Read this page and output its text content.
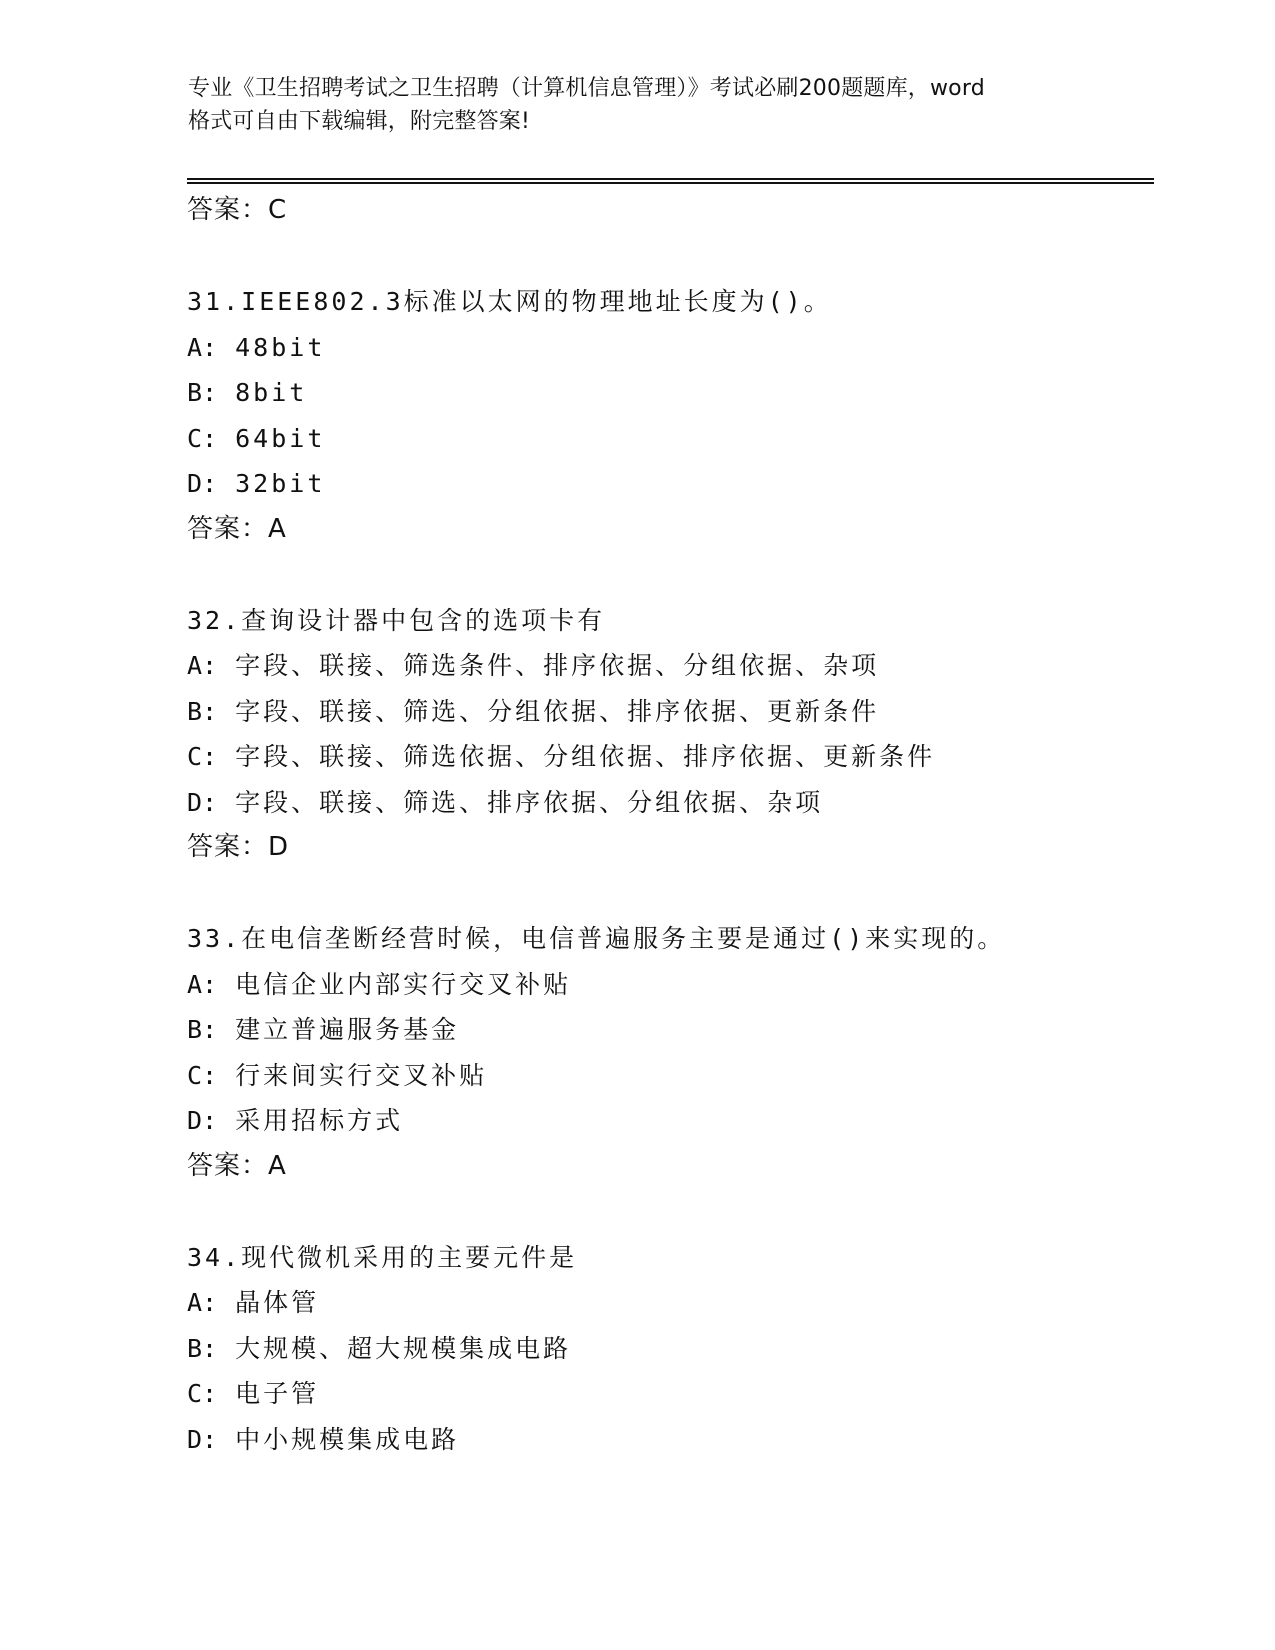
专业《卫生招聘考试之卫生招聘（计算机信息管理）》考试必刷200题题库，word
格式可自由下载编辑，附完整答案!
答案：C
31.IEEE802.3标准以太网的物理地址长度为()。
A: 48bit
B: 8bit
C: 64bit
D: 32bit
答案：A
32.查询设计器中包含的选项卡有
A: 字段、联接、筛选条件、排序依据、分组依据、杂项
B: 字段、联接、筛选、分组依据、排序依据、更新条件
C: 字段、联接、筛选依据、分组依据、排序依据、更新条件
D: 字段、联接、筛选、排序依据、分组依据、杂项
答案：D
33.在电信垄断经营时候，电信普遍服务主要是通过()来实现的。
A: 电信企业内部实行交叉补贴
B: 建立普遍服务基金
C: 行来间实行交叉补贴
D: 采用招标方式
答案：A
34.现代微机采用的主要元件是
A: 晶体管
B: 大规模、超大规模集成电路
C: 电子管
D: 中小规模集成电路
